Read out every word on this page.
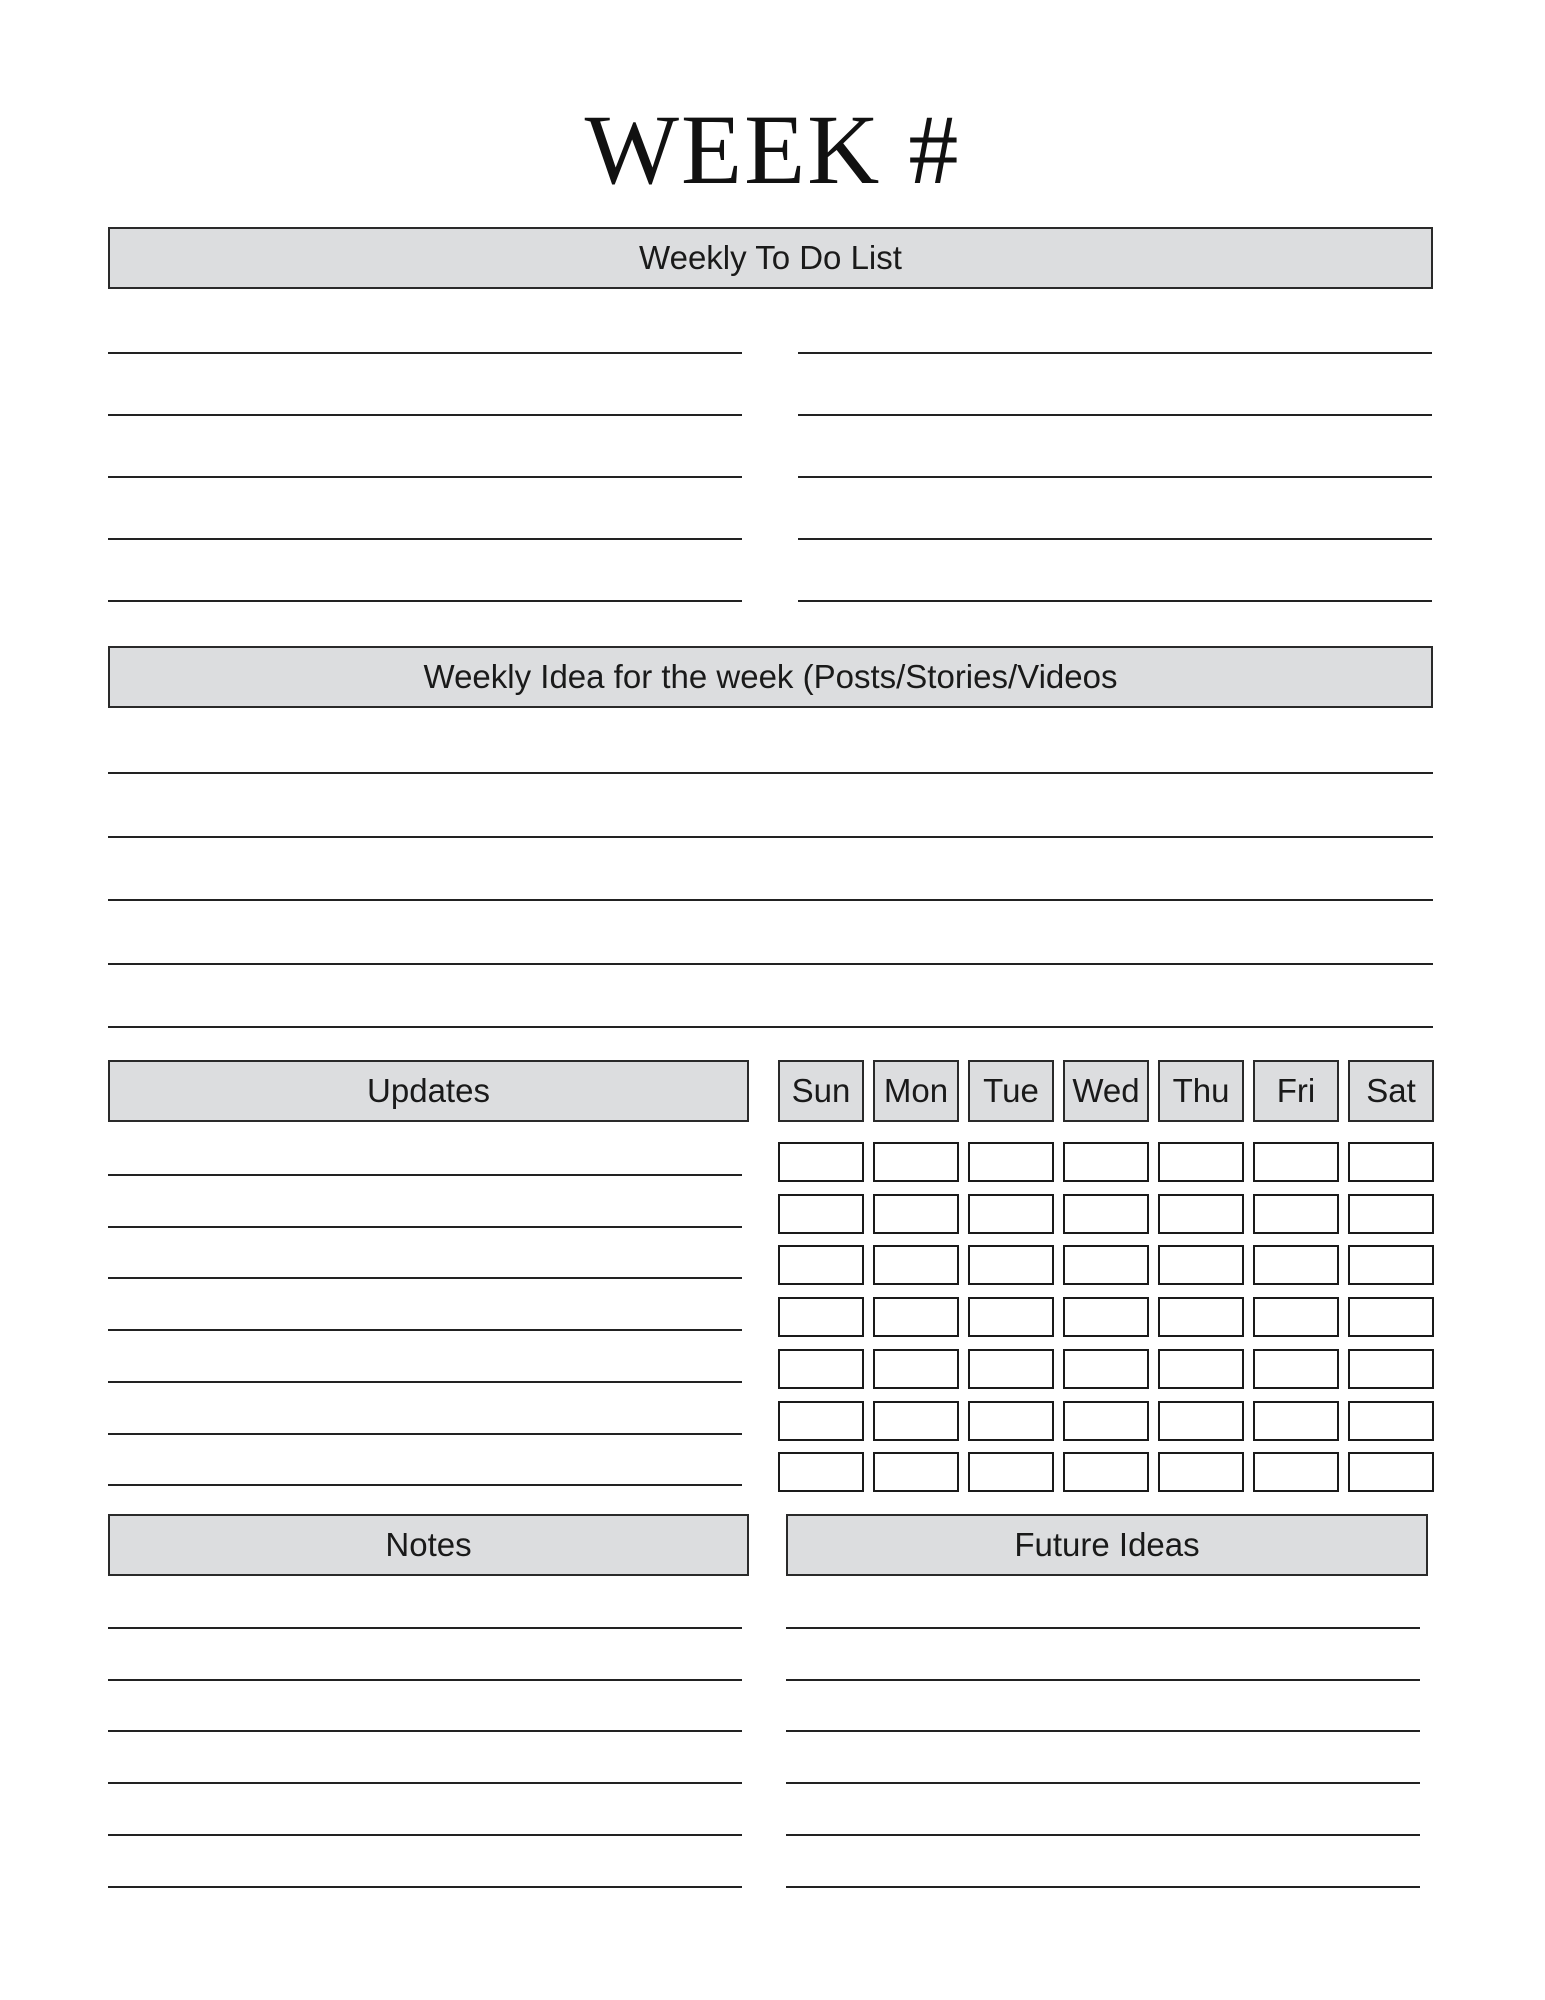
WEEK #
Weekly To Do List
Weekly Idea for the week (Posts/Stories/Videos
Updates	Sun	Mon	Tue	Wed Thu	Fri	Sat
Notes	Future Ideas
